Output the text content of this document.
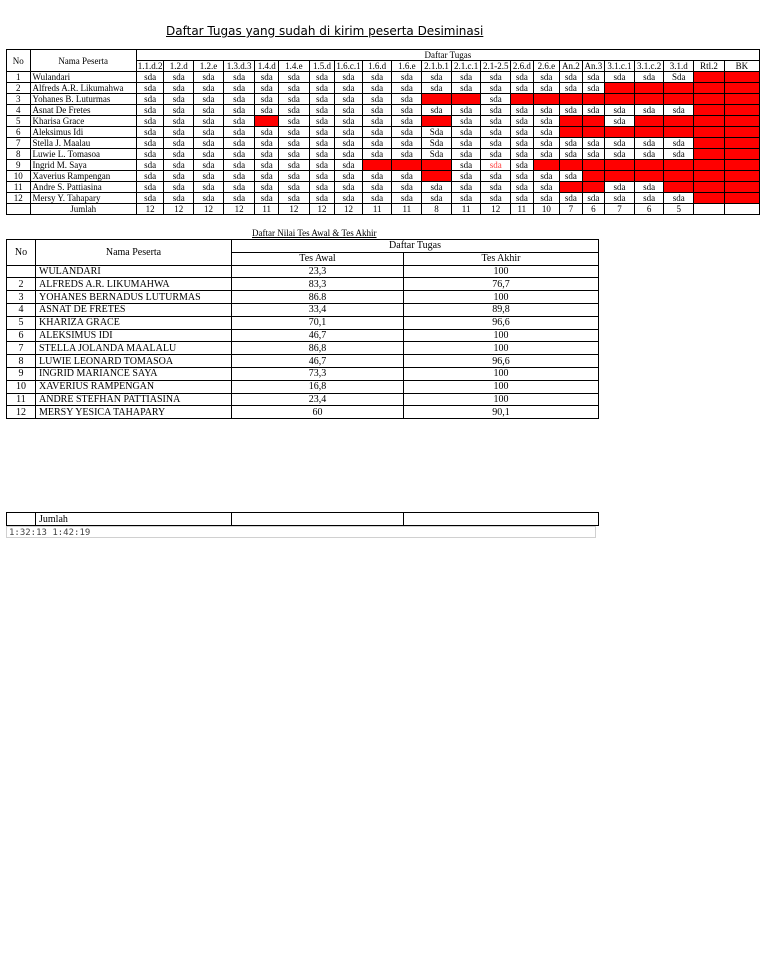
Daftar Tugas yang sudah di kirim peserta Desiminasi
No	Nama Peserta	Daftar Tugas																					
		1.1.d.2	1.2.d	1.2.e	1.3.d.3	1.4.d	1.4.e	1.5.d	1.6.c.1	1.6.d	1.6.e	2.1.b.1	2.1.c.1	2.1-2.5	2.6.d	2.6.e	An.2	An.3	3.1.c.1	3.1.c.2	3.1.d	Rtl.2	BK
1	Wulandari	sda	sda	sda	sda	sda	sda	sda	sda	sda	sda	sda	sda	sda	sda	sda	sda	sda	sda	sda	Sda		
2	Alfreds A.R. Likumahwa	sda	sda	sda	sda	sda	sda	sda	sda	sda	sda	sda	sda	sda	sda	sda	sda	sda					
3	Yohanes B. Luturmas	sda	sda	sda	sda	sda	sda	sda	sda	sda	sda			sda									
4	Asnat De Fretes	sda	sda	sda	sda	sda	sda	sda	sda	sda	sda	sda	sda	sda	sda	sda	sda	sda	sda	sda	sda		
5	Kharisa Grace	sda	sda	sda	sda		sda	sda	sda	sda	sda		sda	sda	sda	sda			sda				
6	Aleksimus Idi	sda	sda	sda	sda	sda	sda	sda	sda	sda	sda	Sda	sda	sda	sda	sda							
7	Stella J. Maalau	sda	sda	sda	sda	sda	sda	sda	sda	sda	sda	Sda	sda	sda	sda	sda	sda	sda	sda	sda	sda		
8	Luwie L. Tomasoa	sda	sda	sda	sda	sda	sda	sda	sda	sda	sda	Sda	sda	sda	sda	sda	sda	sda	sda	sda	sda		
9	Ingrid M. Saya	sda	sda	sda	sda	sda	sda	sda	sda				sda	sda	sda								
10	Xaverius Rampengan	sda	sda	sda	sda	sda	sda	sda	sda	sda	sda		sda	sda	sda	sda	sda						
11	Andre S. Pattiasina	sda	sda	sda	sda	sda	sda	sda	sda	sda	sda	sda	sda	sda	sda	sda			sda	sda			
12	Mersy Y. Tahapary	sda	sda	sda	sda	sda	sda	sda	sda	sda	sda	sda	sda	sda	sda	sda	sda	sda	sda	sda	sda		
	Jumlah	12	12	12	12	11	12	12	12	11	11	8	11	12	11	10	7	6	7	6	5		
Daftar Nilai Tes Awal & Tes Akhir
No	Nama Peserta	Daftar Tugas	
		Tes Awal	Tes Akhir
	WULANDARI	23,3	100
2	ALFREDS A.R. LIKUMAHWA	83,3	76,7
3	YOHANES BERNADUS LUTURMAS	86.8	100
4	ASNAT DE FRETES	33,4	89,8
5	KHARIZA GRACE	70,1	96,6
6	ALEKSIMUS IDI	46,7	100
7	STELLA JOLANDA MAALALU	86,8	100
8	LUWIE LEONARD TOMASOA	46,7	96,6
9	INGRID MARIANCE SAYA	73,3	100
10	XAVERIUS RAMPENGAN	16,8	100
11	ANDRE STEFHAN PATTIASINA	23,4	100
12	MERSY YESICA TAHAPARY	60	90,1
	Jumlah		
1:32:13 1:42:19
